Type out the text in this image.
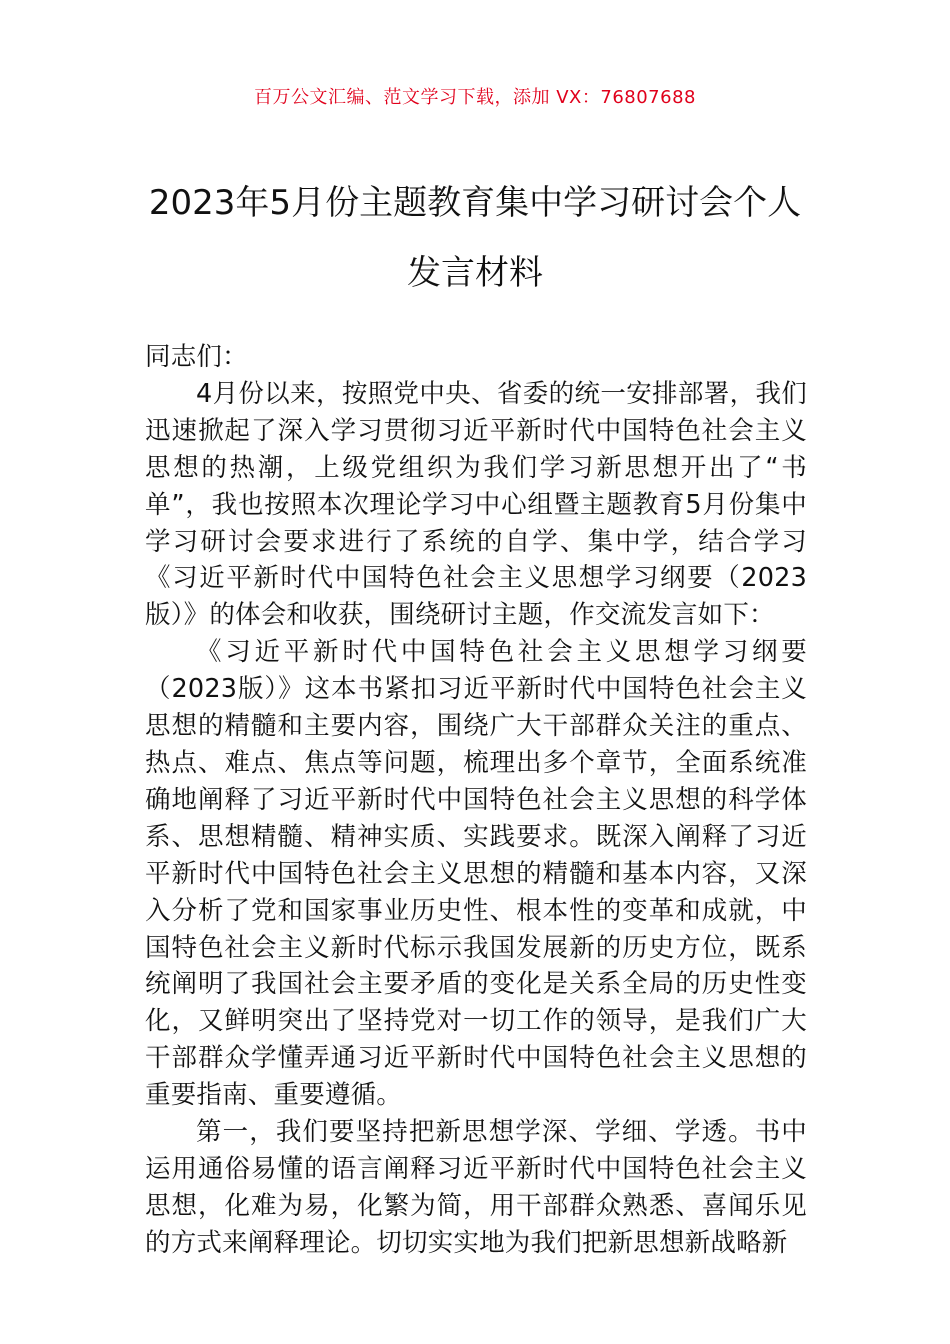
百万公文汇编、范文学习下载，添加 VX：76807688
2023年5月份主题教育集中学习研讨会个人发言材料

同志们：

4月份以来，按照党中央、省委的统一安排部署，我们迅速掀起了深入学习贯彻习近平新时代中国特色社会主义思想的热潮，上级党组织为我们学习新思想开出了“书单”，我也按照本次理论学习中心组暨主题教育5月份集中学习研讨会要求进行了系统的自学、集中学，结合学习《习近平新时代中国特色社会主义思想学习纲要（2023版）》的体会和收获，围绕研讨主题，作交流发言如下：

《习近平新时代中国特色社会主义思想学习纲要（2023版）》这本书紧扣习近平新时代中国特色社会主义思想的精髓和主要内容，围绕广大干部群众关注的重点、热点、难点、焦点等问题，梳理出多个章节，全面系统准确地阐释了习近平新时代中国特色社会主义思想的科学体系、思想精髓、精神实质、实践要求。既深入阐释了习近平新时代中国特色社会主义思想的精髓和基本内容，又深入分析了党和国家事业历史性、根本性的变革和成就，中国特色社会主义新时代标示我国发展新的历史方位，既系统阐明了我国社会主要矛盾的变化是关系全局的历史性变化，又鲜明突出了坚持党对一切工作的领导，是我们广大干部群众学懂弄通习近平新时代中国特色社会主义思想的重要指南、重要遵循。

第一，我们要坚持把新思想学深、学细、学透。书中运用通俗易懂的语言阐释习近平新时代中国特色社会主义思想，化难为易，化繁为简，用干部群众熟悉、喜闻乐见的方式来阐释理论。切切实实地为我们把新思想新战略新
